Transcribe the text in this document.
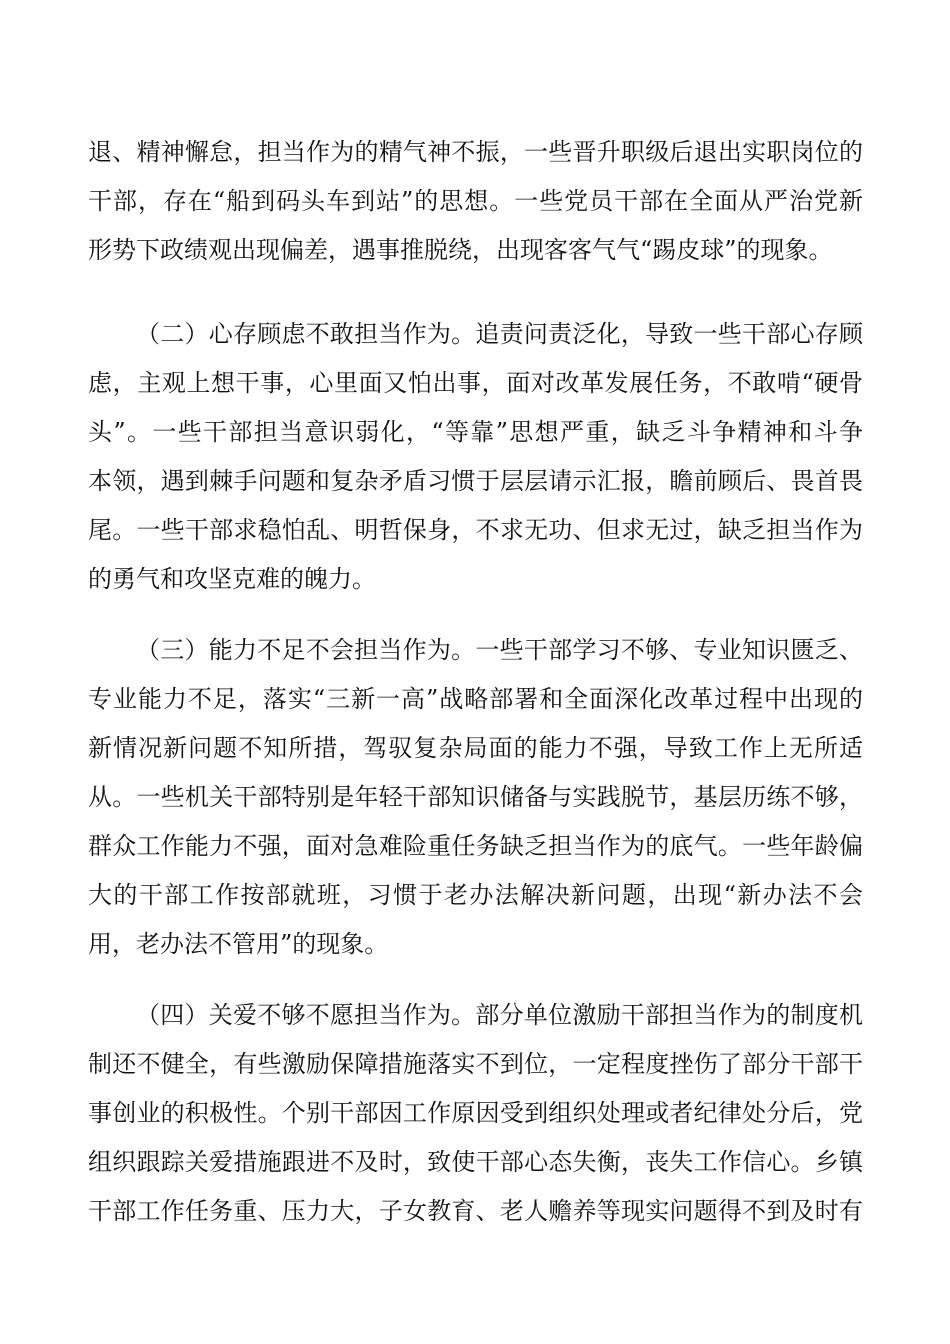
退、精神懈怠，担当作为的精气神不振，一些晋升职级后退出实职岗位的
干部，存在“船到码头车到站”的思想。一些党员干部在全面从严治党新
形势下政绩观出现偏差，遇事推脱绕，出现客客气气“踢皮球”的现象。
（二）心存顾虑不敢担当作为。追责问责泛化，导致一些干部心存顾
虑，主观上想干事，心里面又怕出事，面对改革发展任务，不敢啃“硬骨
头”。一些干部担当意识弱化，“等靠”思想严重，缺乏斗争精神和斗争
本领，遇到棘手问题和复杂矛盾习惯于层层请示汇报，瞻前顾后、畏首畏
尾。一些干部求稳怕乱、明哲保身，不求无功、但求无过，缺乏担当作为
的勇气和攻坚克难的魄力。
（三）能力不足不会担当作为。一些干部学习不够、专业知识匮乏、
专业能力不足，落实“三新一高”战略部署和全面深化改革过程中出现的
新情况新问题不知所措，驾驭复杂局面的能力不强，导致工作上无所适
从。一些机关干部特别是年轻干部知识储备与实践脱节，基层历练不够，
群众工作能力不强，面对急难险重任务缺乏担当作为的底气。一些年龄偏
大的干部工作按部就班，习惯于老办法解决新问题，出现“新办法不会
用，老办法不管用”的现象。
（四）关爱不够不愿担当作为。部分单位激励干部担当作为的制度机
制还不健全，有些激励保障措施落实不到位，一定程度挫伤了部分干部干
事创业的积极性。个别干部因工作原因受到组织处理或者纪律处分后，党
组织跟踪关爱措施跟进不及时，致使干部心态失衡，丧失工作信心。乡镇
干部工作任务重、压力大，子女教育、老人赡养等现实问题得不到及时有
